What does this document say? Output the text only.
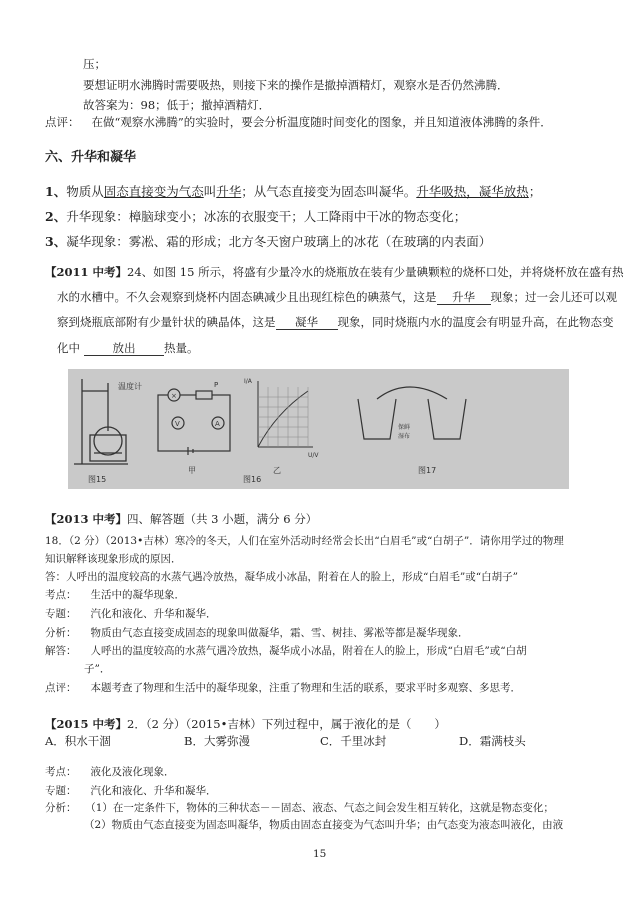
压；
要想证明水沸腾时需要吸热，则接下来的操作是撤掉酒精灯，观察水是否仍然沸腾．
故答案为：98；低于；撤掉酒精灯．
点评： 在做“观察水沸腾”的实验时，要会分析温度随时间变化的图象，并且知道液体沸腾的条件．
六、升华和凝华
1、物质从固态直接变为气态叫升华；从气态直接变为固态叫凝华。升华吸热，凝华放热；
2、升华现象：樟脑球变小；冰冻的衣服变干；人工降雨中干冰的物态变化；
3、凝华现象：雾凇、霜的形成；北方冬天窗户玻璃上的冰花（在玻璃的内表面）
【2011 中考】24、如图 15 所示，将盛有少量冷水的烧瓶放在装有少量碘颗粒的烧杯口处，并将烧杯放在盛有热
水的水槽中。不久会观察到烧杯内固态碘减少且出现红棕色的碘蒸气，这是 升华 现象；过一会儿还可以观
察到烧瓶底部附有少量针状的碘晶体，这是 凝华 现象，同时烧瓶内水的温度会有明显升高，在此物态变
化中	放出 热量。
温度计
图15
×
V	A
P
甲
I/A
U/V
乙
图16
保鲜
湿布
图17
【2013 中考】四、解答题（共 3 小题，满分 6 分）
18．（2 分）（2013•吉林）寒冷的冬天，人们在室外活动时经常会长出“白眉毛”或“白胡子”．请你用学过的物理
知识解释该现象形成的原因．
答：人呼出的温度较高的水蒸气遇冷放热，凝华成小冰晶，附着在人的脸上，形成“白眉毛”或“白胡子”
考点： 生活中的凝华现象．
专题： 汽化和液化、升华和凝华．
分析： 物质由气态直接变成固态的现象叫做凝华，霜、雪、树挂、雾凇等都是凝华现象．
解答： 人呼出的温度较高的水蒸气遇冷放热，凝华成小冰晶，附着在人的脸上，形成“白眉毛”或“白胡
子”．
点评： 本题考查了物理和生活中的凝华现象，注重了物理和生活的联系，要求平时多观察、多思考．
【2015 中考】2．（2 分）（2015•吉林）下列过程中，属于液化的是（　　）
A．积水干涸	B．大雾弥漫	C．千里冰封	D．霜满枝头
考点： 液化及液化现象．
专题： 汽化和液化、升华和凝华．
分析： （1）在一定条件下，物体的三种状态－－固态、液态、气态之间会发生相互转化，这就是物态变化；
（2）物质由气态直接变为固态叫凝华，物质由固态直接变为气态叫升华；由气态变为液态叫液化，由液
15
